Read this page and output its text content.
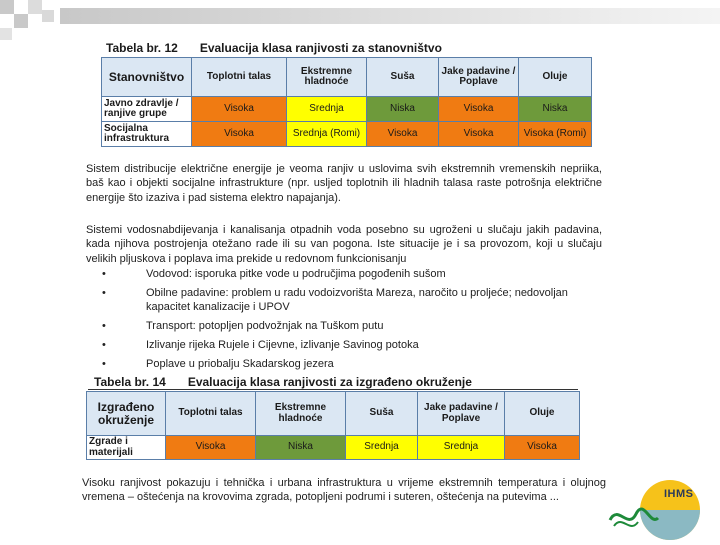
Tabela br. 12 Evaluacija klasa ranjivosti za stanovništvo
Stanovništvo	Toplotni talas	Ekstremne hladnoće	Suša	Jake padavine / Poplave	Oluje
Javno zdravlje / ranjive grupe	Visoka	Srednja	Niska	Visoka	Niska
Socijalna infrastruktura	Visoka	Srednja (Romi)	Visoka	Visoka	Visoka (Romi)
Sistem distribucije električne energije je veoma ranjiv u uslovima svih ekstremnih vremenskih nepriika, baš kao i objekti socijalne infrastrukture (npr. usljed toplotnih ili hladnih talasa raste potrošnja električne energije što izaziva i pad sistema elektro napajanja).
Sistemi vodosnabdijevanja i kanalisanja otpadnih voda posebno su ugroženi u slučaju jakih padavina, kada njihova postrojenja otežano rade ili su van pogona. Iste situacije je i sa provozom, koji u slučaju velikih pljuskova i poplava ima prekide u redovnom funkcionisanju
•	Vodovod: isporuka pitke vode u područjima pogođenih sušom
•	Obilne padavine: problem u radu vodoizvorišta Mareza, naročito u proljeće; nedovoljan kapacitet kanalizacije i UPOV
•	Transport: potopljen podvožnjak na Tuškom putu
•	Izlivanje rijeka Rujele i Cijevne, izlivanje Savinog potoka
•	Poplave u priobalju Skadarskog jezera
Tabela br. 14 Evaluacija klasa ranjivosti za izgrađeno okruženje
Izgrađeno okruženje	Toplotni talas	Ekstremne hladnoće	Suša	Jake padavine / Poplave	Oluje
Zgrade i materijali	Visoka	Niska	Srednja	Srednja	Visoka
Visoku ranjivost pokazuju i tehnička i urbana infrastruktura u vrijeme ekstremnih temperatura i olujnog vremena – oštećenja na krovovima zgrada, potopljeni podrumi i suteren, oštećenja na putevima ...	IHMS
